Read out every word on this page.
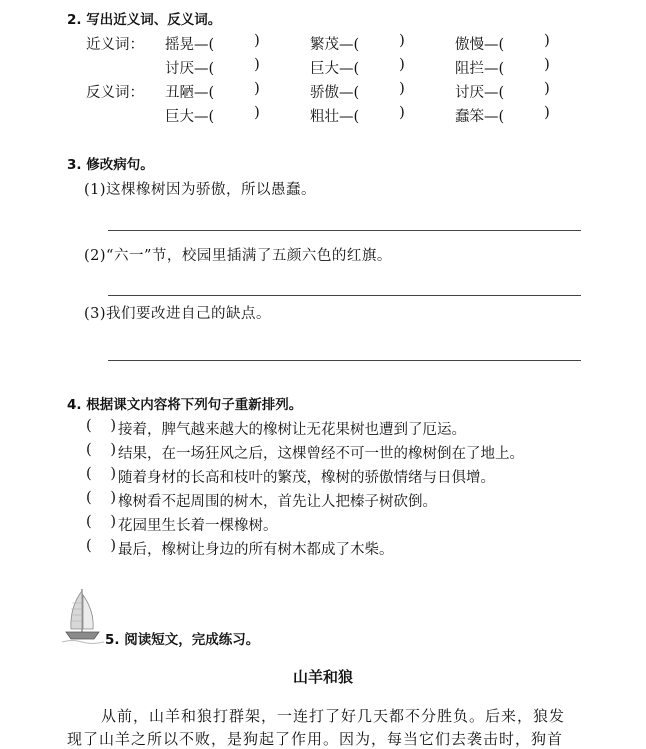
2. 写出近义词、反义词。
近义词： 摇晃—(	)	繁茂—(	)	傲慢—(	)
讨厌—(	)	巨大—(	)	阻拦—(	)
反义词： 丑陋—(	)	骄傲—(	)	讨厌—(	)
巨大—(	)	粗壮—(	)	蠢笨—(	)
3. 修改病句。
(1)这棵橡树因为骄傲，所以愚蠢。
(2)“六一”节，校园里插满了五颜六色的红旗。
(3)我们要改进自己的缺点。
4. 根据课文内容将下列句子重新排列。
( ) 接着，脾气越来越大的橡树让无花果树也遭到了厄运。
( ) 结果，在一场狂风之后，这棵曾经不可一世的橡树倒在了地上。
( ) 随着身材的长高和枝叶的繁茂，橡树的骄傲情绪与日俱增。
( ) 橡树看不起周围的树木，首先让人把榛子树砍倒。
( ) 花园里生长着一棵橡树。
( ) 最后，橡树让身边的所有树木都成了木柴。
5. 阅读短文，完成练习。
山羊和狼
从前，山羊和狼打群架，一连打了好几天都不分胜负。后来，狼发
现了山羊之所以不败，是狗起了作用。因为，每当它们去袭击时，狗首
